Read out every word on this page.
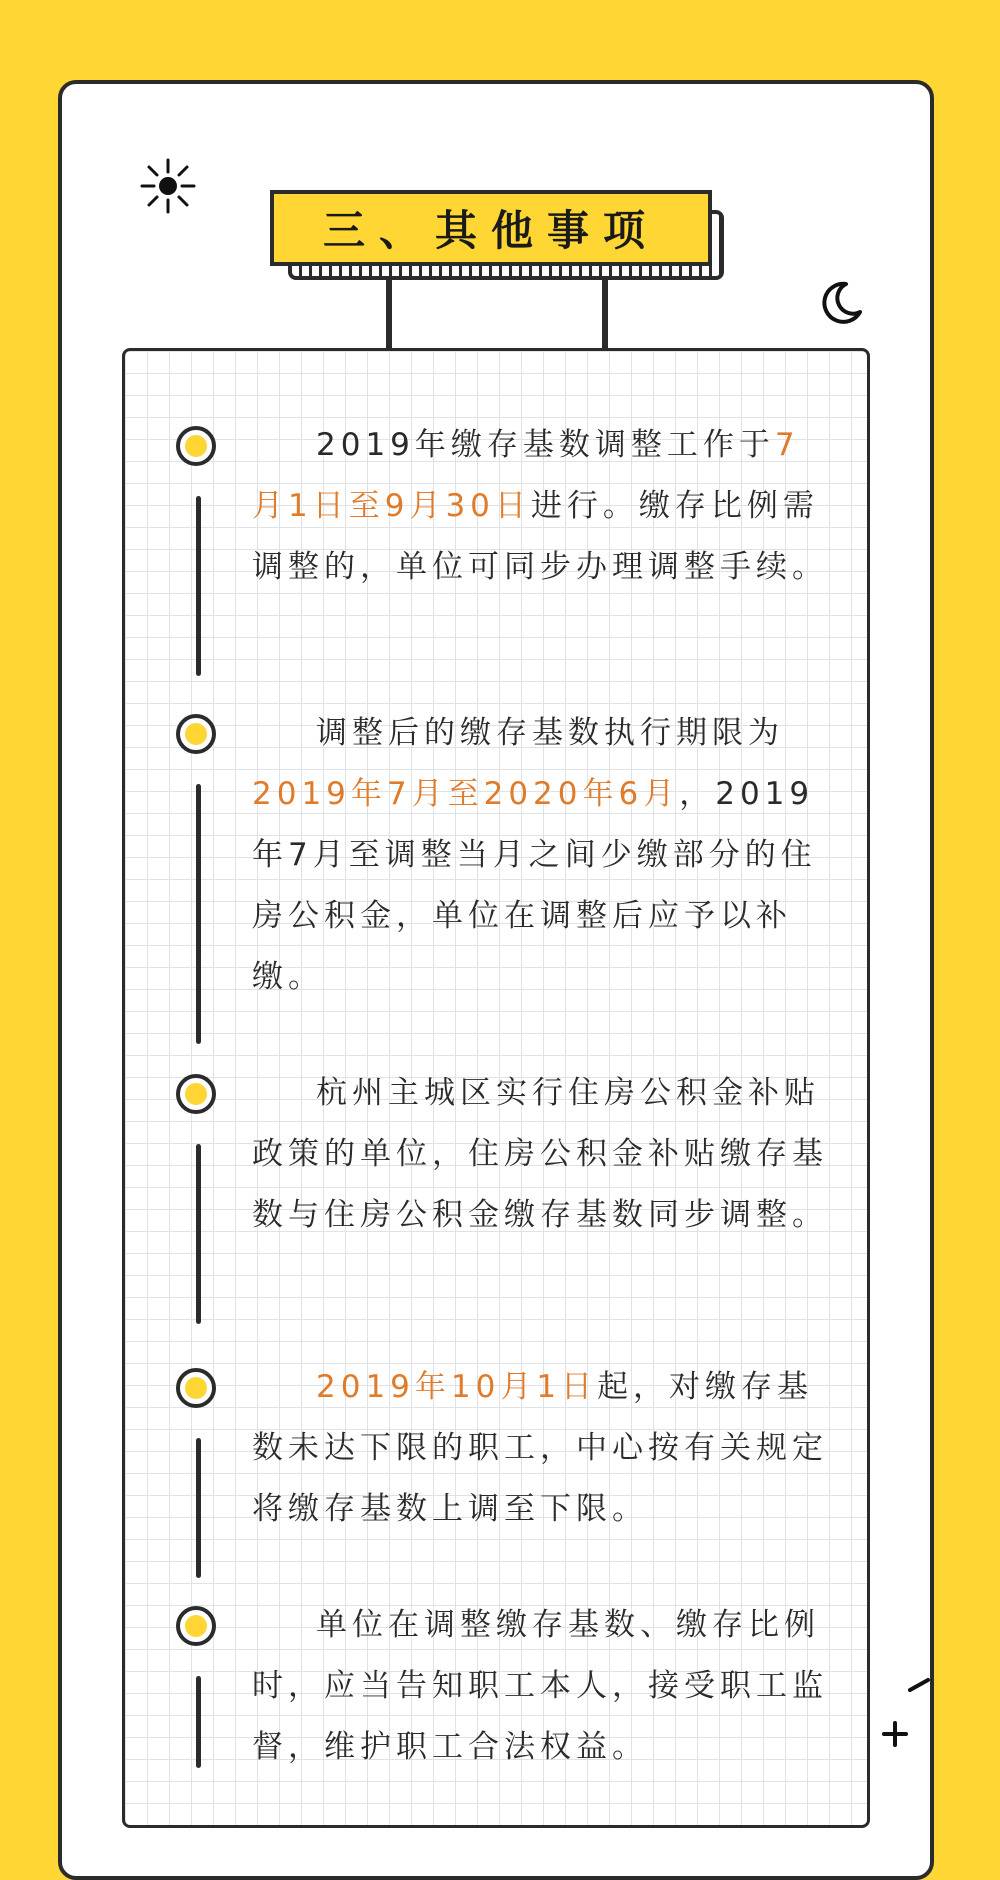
三、其他事项

2019年缴存基数调整工作于7月1日至9月30日进行。缴存比例需调整的，单位可同步办理调整手续。

调整后的缴存基数执行期限为2019年7月至2020年6月，2019年7月至调整当月之间少缴部分的住房公积金，单位在调整后应予以补缴。

杭州主城区实行住房公积金补贴政策的单位，住房公积金补贴缴存基数与住房公积金缴存基数同步调整。

2019年10月1日起，对缴存基数未达下限的职工，中心按有关规定将缴存基数上调至下限。

单位在调整缴存基数、缴存比例时，应当告知职工本人，接受职工监督，维护职工合法权益。
